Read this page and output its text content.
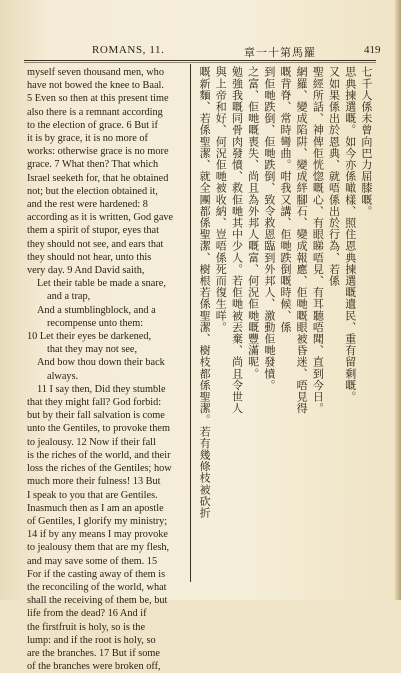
ROMANS, 11.	章一十第馬羅	419
myself seven thousand men, who
have not bowed the knee to Baal.
5 Even so then at this present time
also there is a remnant according
to the election of grace. 6 But if
it is by grace, it is no more of
works: otherwise grace is no more
grace. 7 What then? That which
Israel seeketh for, that he obtained
not; but the election obtained it,
and the rest were hardened: 8
according as it is written, God gave
them a spirit of stupor, eyes that
they should not see, and ears that
they should not hear, unto this
very day. 9 And David saith,
Let their table be made a snare,
and a trap,
And a stumblingblock, and a
recompense unto them:
10 Let their eyes be darkened,
that they may not see,
And bow thou down their back
always.
11 I say then, Did they stumble
that they might fall? God forbid:
but by their fall salvation is come
unto the Gentiles, to provoke them
to jealousy. 12 Now if their fall
is the riches of the world, and their
loss the riches of the Gentiles; how
much more their fulness! 13 But
I speak to you that are Gentiles.
Inasmuch then as I am an apostle
of Gentiles, I glorify my ministry;
14 if by any means I may provoke
to jealousy them that are my flesh,
and may save some of them. 15
For if the casting away of them is
the reconciling of the world, what
shall the receiving of them be, but
life from the dead? 16 And if
the firstfruit is holy, so is the
lump: and if the root is holy, so
are the branches. 17 But if some
of the branches were broken off,
七千人係未曾向巴力屈膝嘅。
思典揀選嘅。如今亦係噉樣、照住恩典揀選嘅遺民、重有留剩嘅。
又如果係出於恩典、就唔係出於行為、若係
聖經所話、神俾佢恍惚嘅心、有眼睇唔見、有耳聽唔聞、直到今日。
網羅、變成陷阱、變成絆腳石、變成報應、佢哋嘅眼被昏迷、唔見得
嘅背脊、常時彎曲。咁我又講、佢哋跌倒嘅時候、係
到佢哋跌倒、佢哋跌倒、致令救恩臨到外邦人、激動佢哋發憤。
之富、佢哋嘅喪失、尚且為外邦人嘅富、何況佢哋嘅豐滿呢。
勉強我嘅同骨肉發憤、救佢哋其中少人。若佢哋被丟棄、尚且令世人
與上帝和好、何況佢哋被收納、豈唔係死而復生咩。
嘅新麵、若係聖潔、就全團都係聖潔、樹根若係聖潔、樹枝都係聖潔。若有幾條枝被砍折
